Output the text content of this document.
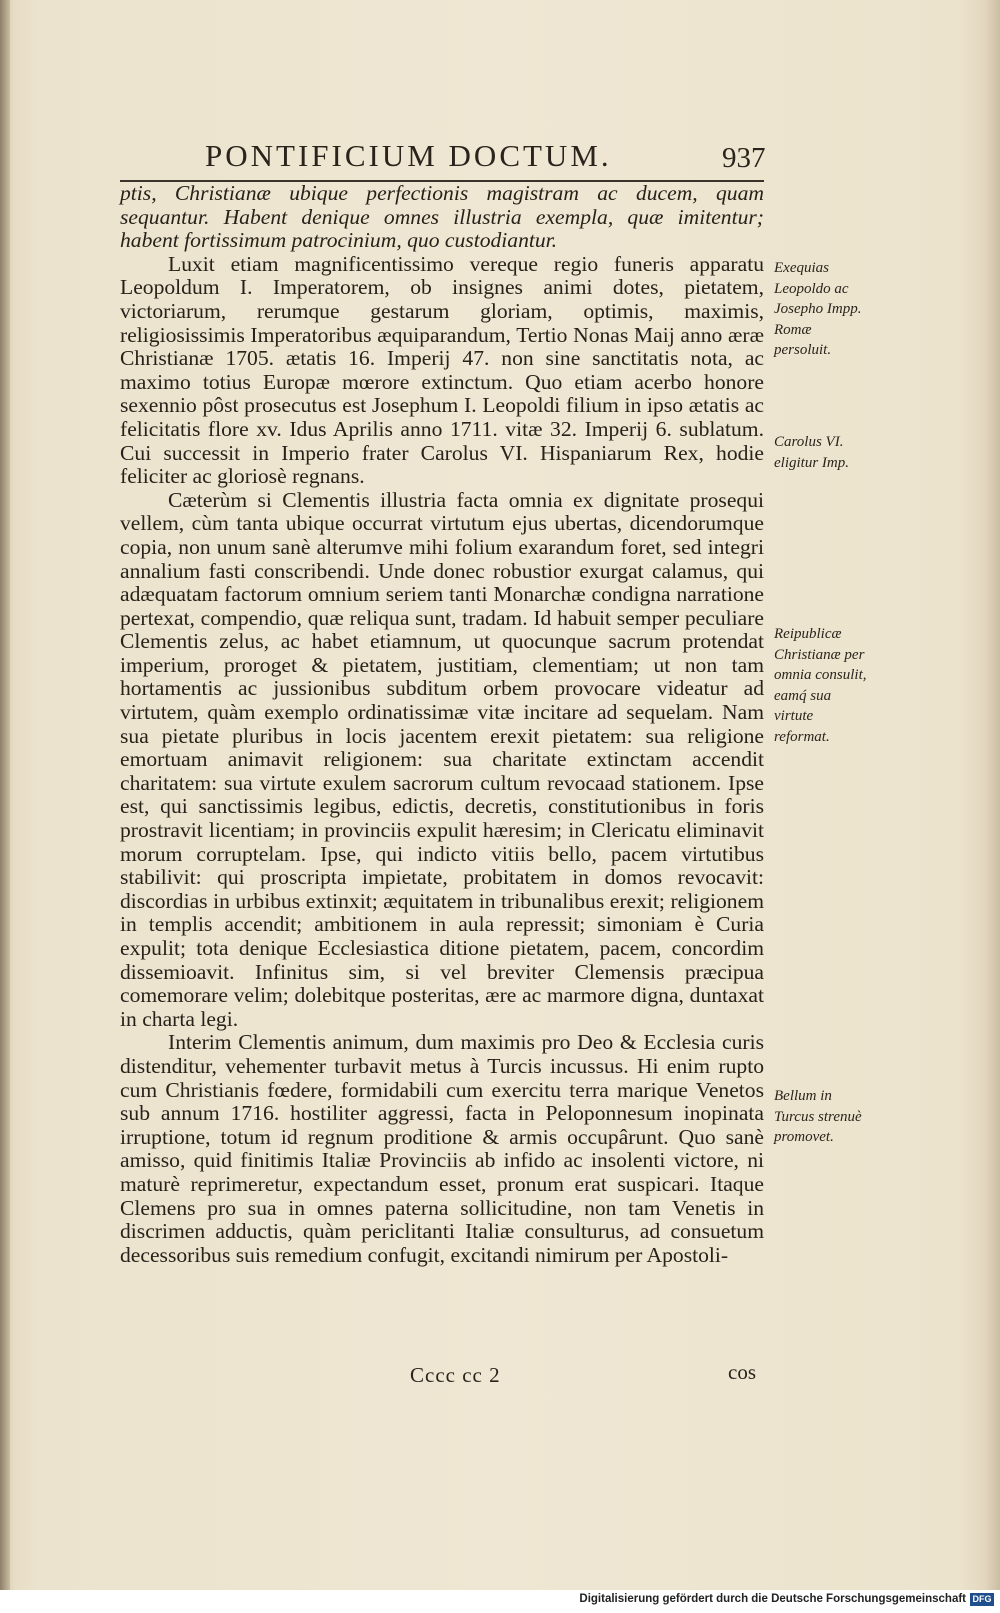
PONTIFICIUM DOCTUM.	937

ptis, Christianæ ubique perfectionis magistram ac ducem, quam sequantur. Habent denique omnes illustria exempla, quæ imitentur; habent fortissimum patrocinium, quo custodiantur.

Luxit etiam magnificentissimo vereque regio funeris apparatu Leopoldum I. Imperatorem, ob insignes animi dotes, pietatem, victoriarum, rerumque gestarum gloriam, optimis, maximis, religiosissimis Imperatoribus æquiparandum, Tertio Nonas Maij anno æræ Christianæ 1705. ætatis 16. Imperij 47. non sine sanctitatis nota, ac maximo totius Europæ mœrore extinctum. Quo etiam acerbo honore sexennio pôst prosecutus est Josephum I. Leopoldi filium in ipso ætatis ac felicitatis flore xv. Idus Aprilis anno 1711. vitæ 32. Imperij 6. sublatum. Cui successit in Imperio frater Carolus VI. Hispaniarum Rex, hodie feliciter ac gloriosè regnans.

Cæterùm si Clementis illustria facta omnia ex dignitate prosequi vellem, cùm tanta ubique occurrat virtutum ejus ubertas, dicendorumque copia, non unum sanè alterumve mihi folium exarandum foret, sed integri annalium fasti conscribendi. Unde donec robustior exurgat calamus, qui adæquatam factorum omnium seriem tanti Monarchæ condigna narratione pertexat, compendio, quæ reliqua sunt, tradam. Id habuit semper peculiare Clementis zelus, ac habet etiamnum, ut quocunque sacrum protendat imperium, proroget & pietatem, justitiam, clementiam; ut non tam hortamentis ac jussionibus subditum orbem provocare videatur ad virtutem, quàm exemplo ordinatissimæ vitæ incitare ad sequelam. Nam sua pietate pluribus in locis jacentem erexit pietatem: sua religione emortuam animavit religionem: sua charitate extinctam accendit charitatem: sua virtute exulem sacrorum cultum revocaad stationem. Ipse est, qui sanctissimis legibus, edictis, decretis, constitutionibus in foris prostravit licentiam; in provinciis expulit hæresim; in Clericatu eliminavit morum corruptelam. Ipse, qui indicto vitiis bello, pacem virtutibus stabilivit: qui proscripta impietate, probitatem in domos revocavit: discordias in urbibus extinxit; æquitatem in tribunalibus erexit; religionem in templis accendit; ambitionem in aula repressit; simoniam è Curia expulit; tota denique Ecclesiastica ditione pietatem, pacem, concordim dissemioavit. Infinitus sim, si vel breviter Clemensis præcipua comemorare velim; dolebitque posteritas, ære ac marmore digna, duntaxat in charta legi.

Interim Clementis animum, dum maximis pro Deo & Ecclesia curis distenditur, vehementer turbavit metus à Turcis incussus. Hi enim rupto cum Christianis fœdere, formidabili cum exercitu terra marique Venetos sub annum 1716. hostiliter aggressi, facta in Peloponnesum inopinata irruptione, totum id regnum proditione & armis occupârunt. Quo sanè amisso, quid finitimis Italiæ Provinciis ab infido ac insolenti victore, ni maturè reprimeretur, expectandum esset, pronum erat suspicari. Itaque Clemens pro sua in omnes paterna sollicitudine, non tam Venetis in discrimen adductis, quàm periclitanti Italiæ consulturus, ad consuetum decessoribus suis remedium confugit, excitandi nimirum per Apostoli-

Exequias Leopoldo ac Josepho Impp. Romæ persoluit.
Carolus VI. eligitur Imp.
Reipublicæ Christianæ per omnia consulit, eamq́ sua virtute reformat.
Bellum in Turcus strenuè promovet.
Cccc cc 2	cos
Digitalisierung gefördert durch die Deutsche Forschungsgemeinschaft DFG
